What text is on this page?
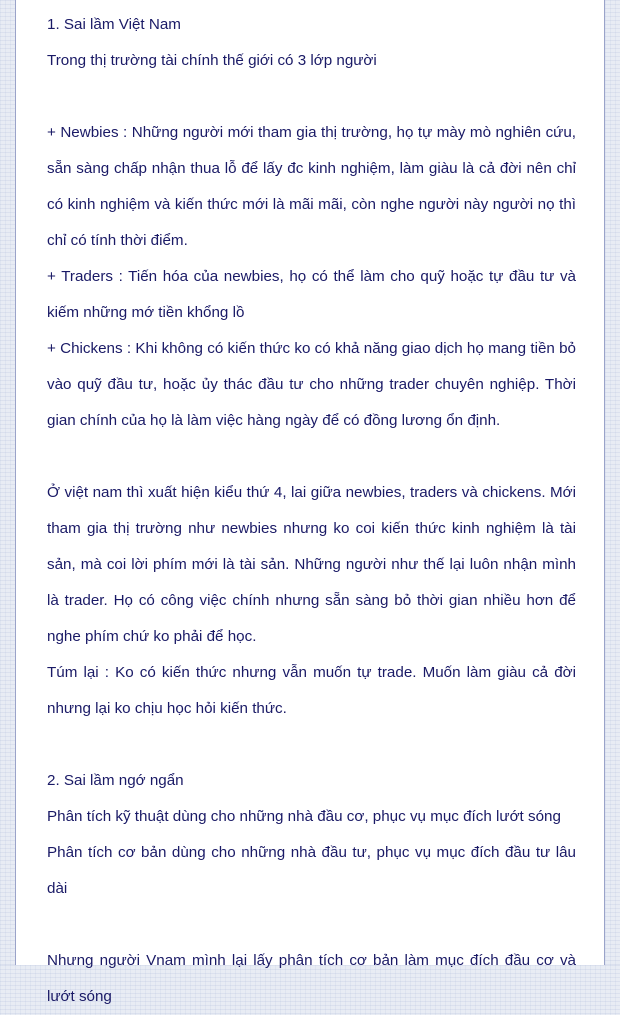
1. Sai lầm Việt Nam

Trong thị trường tài chính thế giới có 3 lớp người

+ Newbies : Những người mới tham gia thị trường, họ tự mày mò nghiên cứu, sẵn sàng chấp nhận thua lỗ để lấy đc kinh nghiệm, làm giàu là cả đời nên chỉ có kinh nghiệm và kiến thức mới là mãi mãi, còn nghe người này người nọ thì chỉ có tính thời điểm.

+ Traders : Tiến hóa của newbies, họ có thể làm cho quỹ hoặc tự đầu tư và kiếm những mớ tiền khổng lồ

+ Chickens : Khi không có kiến thức ko có khả năng giao dịch họ mang tiền bỏ vào quỹ đầu tư, hoặc ủy thác đầu tư cho những trader chuyên nghiệp. Thời gian chính của họ là làm việc hàng ngày để có đồng lương ổn định.

Ở việt nam thì xuất hiện kiểu thứ 4, lai giữa newbies, traders và chickens. Mới tham gia thị trường như newbies nhưng ko coi kiến thức kinh nghiệm là tài sản, mà coi lời phím mới là tài sản. Những người như thế lại luôn nhận mình là trader. Họ có công việc chính nhưng sẵn sàng bỏ thời gian nhiều hơn để nghe phím chứ ko phải để học.

Túm lại : Ko có kiến thức nhưng vẫn muốn tự trade. Muốn làm giàu cả đời nhưng lại ko chịu học hỏi kiến thức.

2. Sai lầm ngớ ngẩn

Phân tích kỹ thuật dùng cho những nhà đầu cơ, phục vụ mục đích lướt sóng

Phân tích cơ bản dùng cho những nhà đầu tư, phục vụ mục đích đầu tư lâu dài

Nhưng người Vnam mình lại lấy phân tích cơ bản làm mục đích đầu cơ và lướt sóng
